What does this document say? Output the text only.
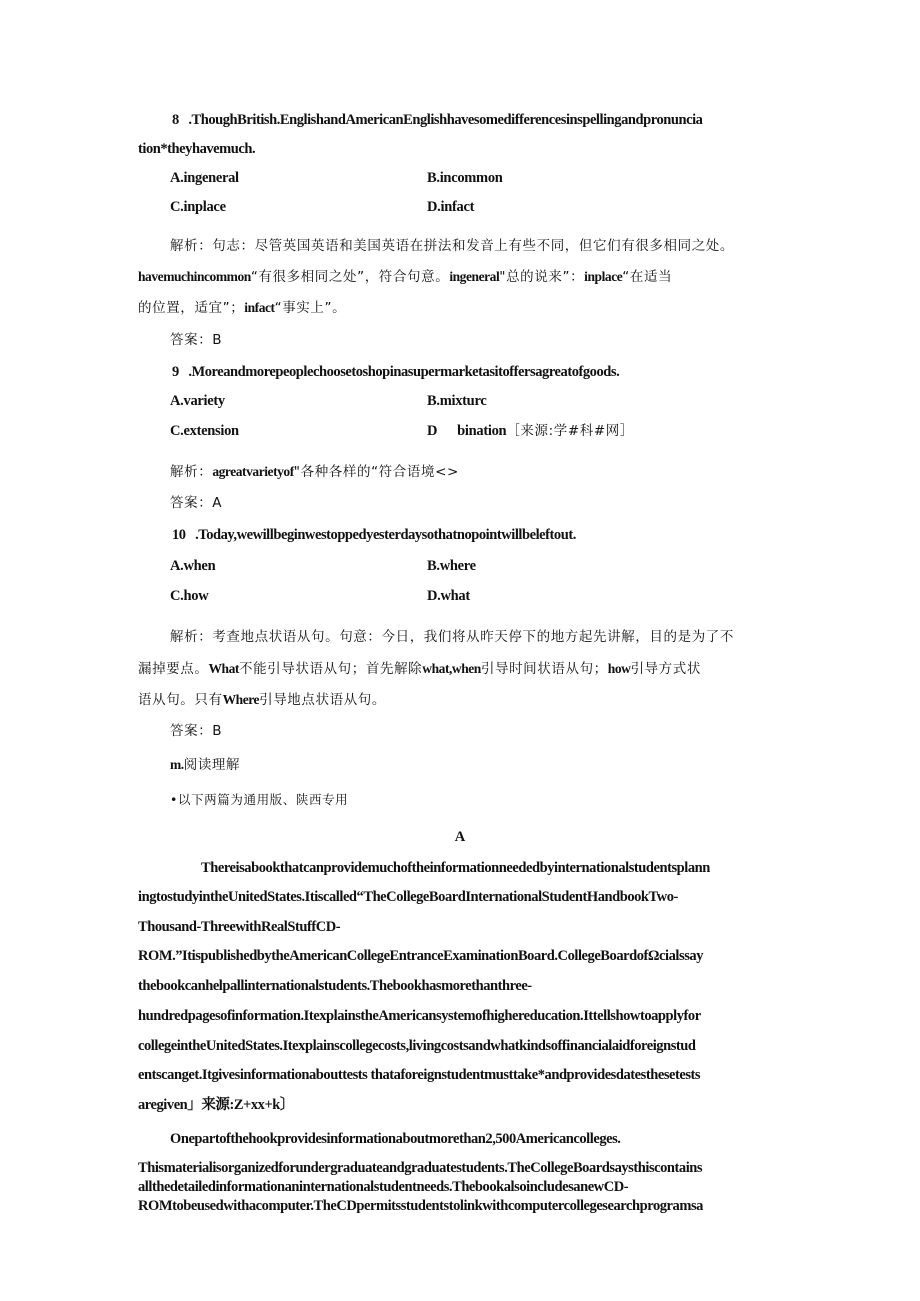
8   .ThoughBritish.EnglishandAmericanEnglishhavesomedifferencesinspellingandpronuncia
tion*theyhavemuch.
A.ingeneral	B.incommon
C.inplace	D.infact
解析：句志：尽管英国英语和美国英语在拼法和发音上有些不同，但它们有很多相同之处。
havemuchincommon“有很多相同之处”，符合句意。ingeneral"总的说来”：inplace“在适当
的位置，适宜”；infact“事实上”。
答案：B
9   .Moreandmorepeoplechoosetoshopinasupermarketasitoffersagreatofgoods.
A.variety	B.mixturc
C.extension	D      bination［来源:学#科#网］
解析：agreatvarietyof"各种各样的“符合语境<>
答案：A
10   .Today,wewillbeginwestoppedyesterdaysothatnopointwillbeleftout.
A.when	B.where
C.how	D.what
解析：考查地点状语从句。句意：今日，我们将从昨天停下的地方起先讲解，目的是为了不
漏掉要点。What不能引导状语从句；首先解除what,when引导时间状语从句；how引导方式状
语从句。只有Where引导地点状语从句。
答案：B
m.阅读理解
•以下两篇为通用版、陕西专用
A
Thereisabookthatcanprovidemuchoftheinformationneededbyinternationalstudentsplann
ingtostudyintheUnitedStates.Itiscalled“TheCollegeBoardInternationalStudentHandbookTwo-
Thousand-ThreewithRealStuffCD-
ROM.”ItispublishedbytheAmericanCollegeEntranceExaminationBoard.CollegeBoardofΩcialssay
thebookcanhelpallinternationalstudents.Thebookhasmorethanthree-
hundredpagesofinformation.ItexplainstheAmericansystemofhighereducation.Ittellshowtoapplyfor
collegeintheUnitedStates.Itexplainscollegecosts,livingcostsandwhatkindsoffinancialaidforeignstud
entscanget.Itgivesinformationabouttests thataforeignstudentmusttake*andprovidesdatesthesetests
aregiven」来源:Z+xx+k〕
Onepartofthehookprovidesinformationaboutmorethan2,500Americancolleges.
Thismaterialisorganizedforundergraduateandgraduatestudents.TheCollegeBoardsaysthiscontains
allthedetailedinformationaninternationalstudentneeds.ThebookalsoincludesanewCD-
ROMtobeusedwithacomputer.TheCDpermitsstudentstolinkwithcomputercollegesearchprogramsa
